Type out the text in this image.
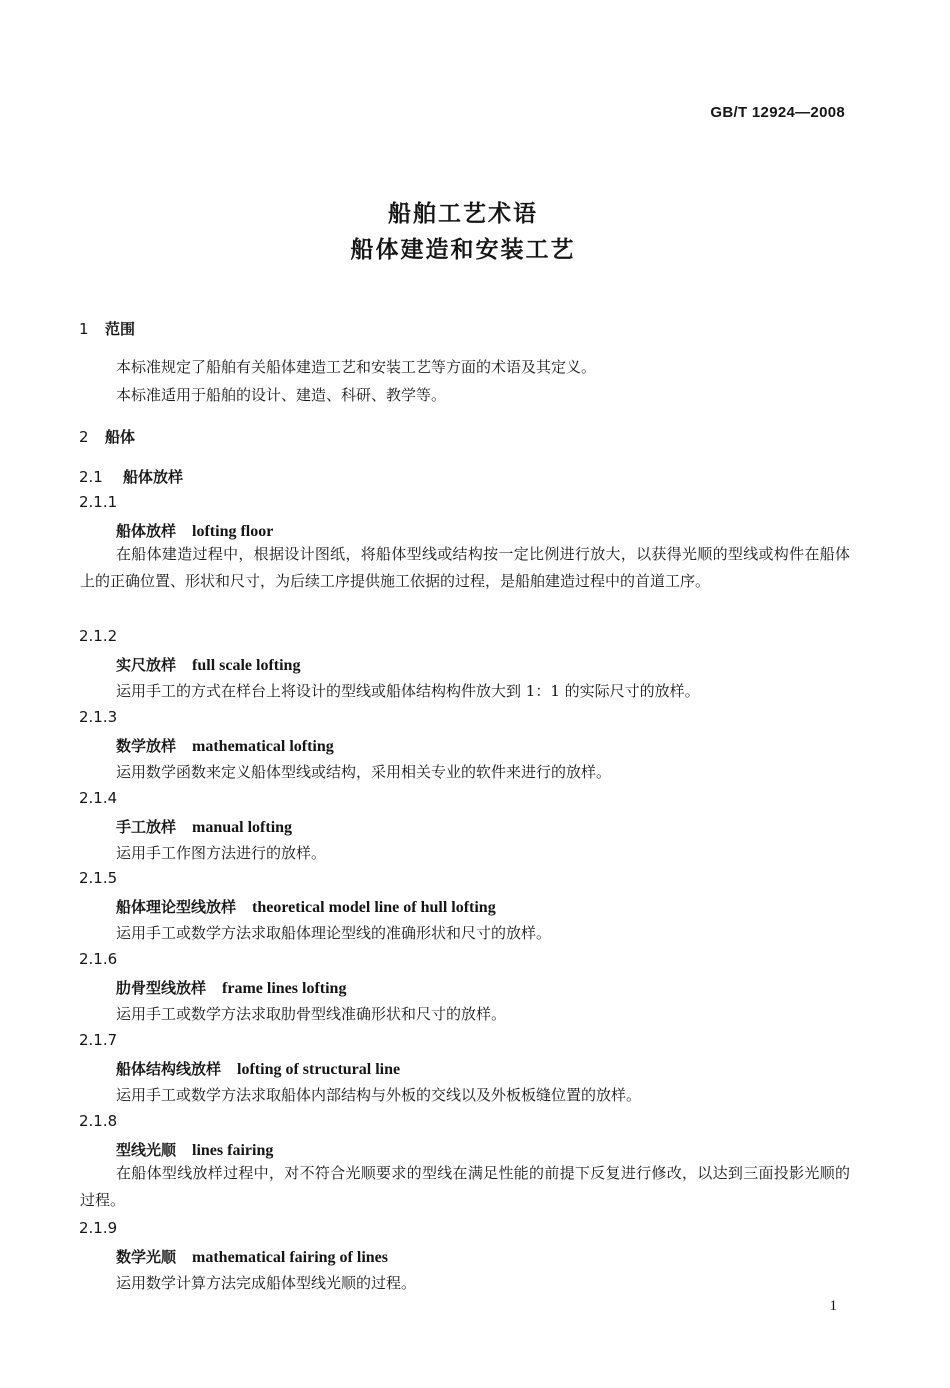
GB/T 12924—2008
船舶工艺术语
船体建造和安装工艺
1 范围
本标准规定了船舶有关船体建造工艺和安装工艺等方面的术语及其定义。
本标准适用于船舶的设计、建造、科研、教学等。
2 船体
2.1 船体放样
2.1.1
船体放样 lofting floor
在船体建造过程中，根据设计图纸，将船体型线或结构按一定比例进行放大，以获得光顺的型线或构件在船体上的正确位置、形状和尺寸，为后续工序提供施工依据的过程，是船舶建造过程中的首道工序。
2.1.2
实尺放样 full scale lofting
运用手工的方式在样台上将设计的型线或船体结构构件放大到 1：1 的实际尺寸的放样。
2.1.3
数学放样 mathematical lofting
运用数学函数来定义船体型线或结构，采用相关专业的软件来进行的放样。
2.1.4
手工放样 manual lofting
运用手工作图方法进行的放样。
2.1.5
船体理论型线放样 theoretical model line of hull lofting
运用手工或数学方法求取船体理论型线的准确形状和尺寸的放样。
2.1.6
肋骨型线放样 frame lines lofting
运用手工或数学方法求取肋骨型线准确形状和尺寸的放样。
2.1.7
船体结构线放样 lofting of structural line
运用手工或数学方法求取船体内部结构与外板的交线以及外板板缝位置的放样。
2.1.8
型线光顺 lines fairing
在船体型线放样过程中，对不符合光顺要求的型线在满足性能的前提下反复进行修改，以达到三面投影光顺的过程。
2.1.9
数学光顺 mathematical fairing of lines
运用数学计算方法完成船体型线光顺的过程。
1
